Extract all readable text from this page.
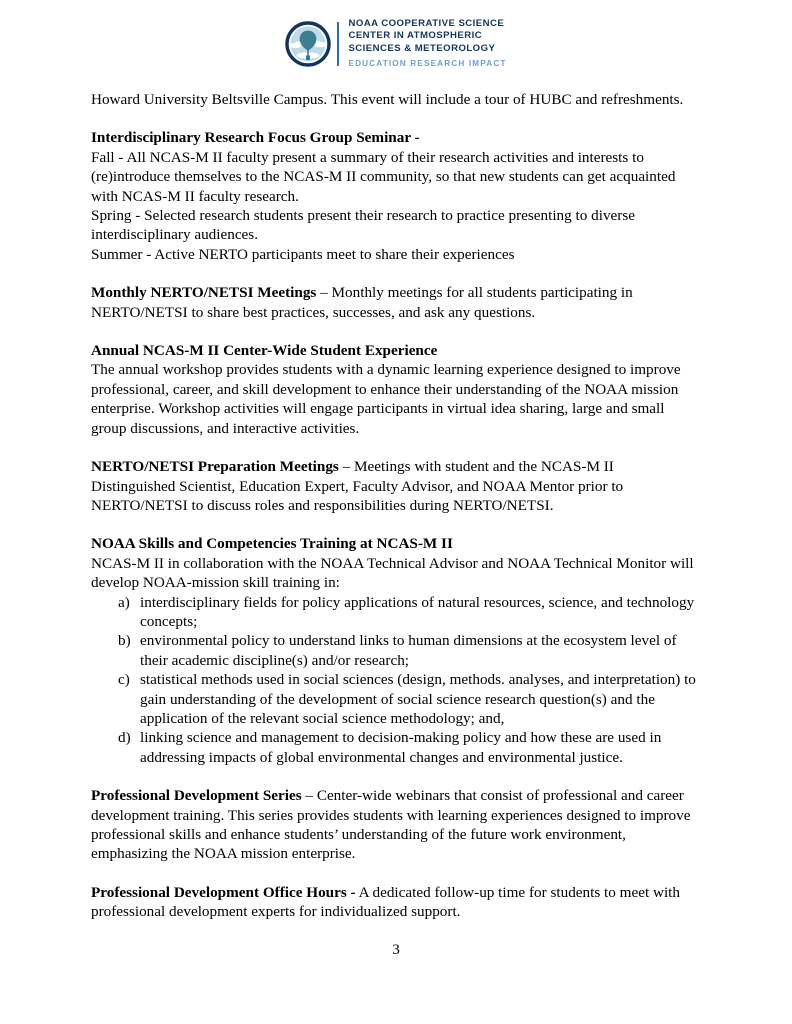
NOAA COOPERATIVE SCIENCE
CENTER IN ATMOSPHERIC
SCIENCES & METEOROLOGY
EDUCATION RESEARCH IMPACT

Howard University Beltsville Campus. This event will include a tour of HUBC and refreshments.

Interdisciplinary Research Focus Group Seminar -

Fall - All NCAS-M II faculty present a summary of their research activities and interests to (re)introduce themselves to the NCAS-M II community, so that new students can get acquainted with NCAS-M II faculty research.

Spring - Selected research students present their research to practice presenting to diverse interdisciplinary audiences.

Summer - Active NERTO participants meet to share their experiences

Monthly NERTO/NETSI Meetings – Monthly meetings for all students participating in NERTO/NETSI to share best practices, successes, and ask any questions.

Annual NCAS-M II Center-Wide Student Experience

The annual workshop provides students with a dynamic learning experience designed to improve professional, career, and skill development to enhance their understanding of the NOAA mission enterprise. Workshop activities will engage participants in virtual idea sharing, large and small group discussions, and interactive activities.

NERTO/NETSI Preparation Meetings – Meetings with student and the NCAS-M II Distinguished Scientist, Education Expert, Faculty Advisor, and NOAA Mentor prior to NERTO/NETSI to discuss roles and responsibilities during NERTO/NETSI.

NOAA Skills and Competencies Training at NCAS-M II

NCAS-M II in collaboration with the NOAA Technical Advisor and NOAA Technical Monitor will develop NOAA-mission skill training in:

a) interdisciplinary fields for policy applications of natural resources, science, and technology concepts;
b) environmental policy to understand links to human dimensions at the ecosystem level of their academic discipline(s) and/or research;
c) statistical methods used in social sciences (design, methods. analyses, and interpretation) to gain understanding of the development of social science research question(s) and the application of the relevant social science methodology; and,
d) linking science and management to decision-making policy and how these are used in addressing impacts of global environmental changes and environmental justice.

Professional Development Series – Center-wide webinars that consist of professional and career development training. This series provides students with learning experiences designed to improve professional skills and enhance students’ understanding of the future work environment, emphasizing the NOAA mission enterprise.

Professional Development Office Hours - A dedicated follow-up time for students to meet with professional development experts for individualized support.

3
